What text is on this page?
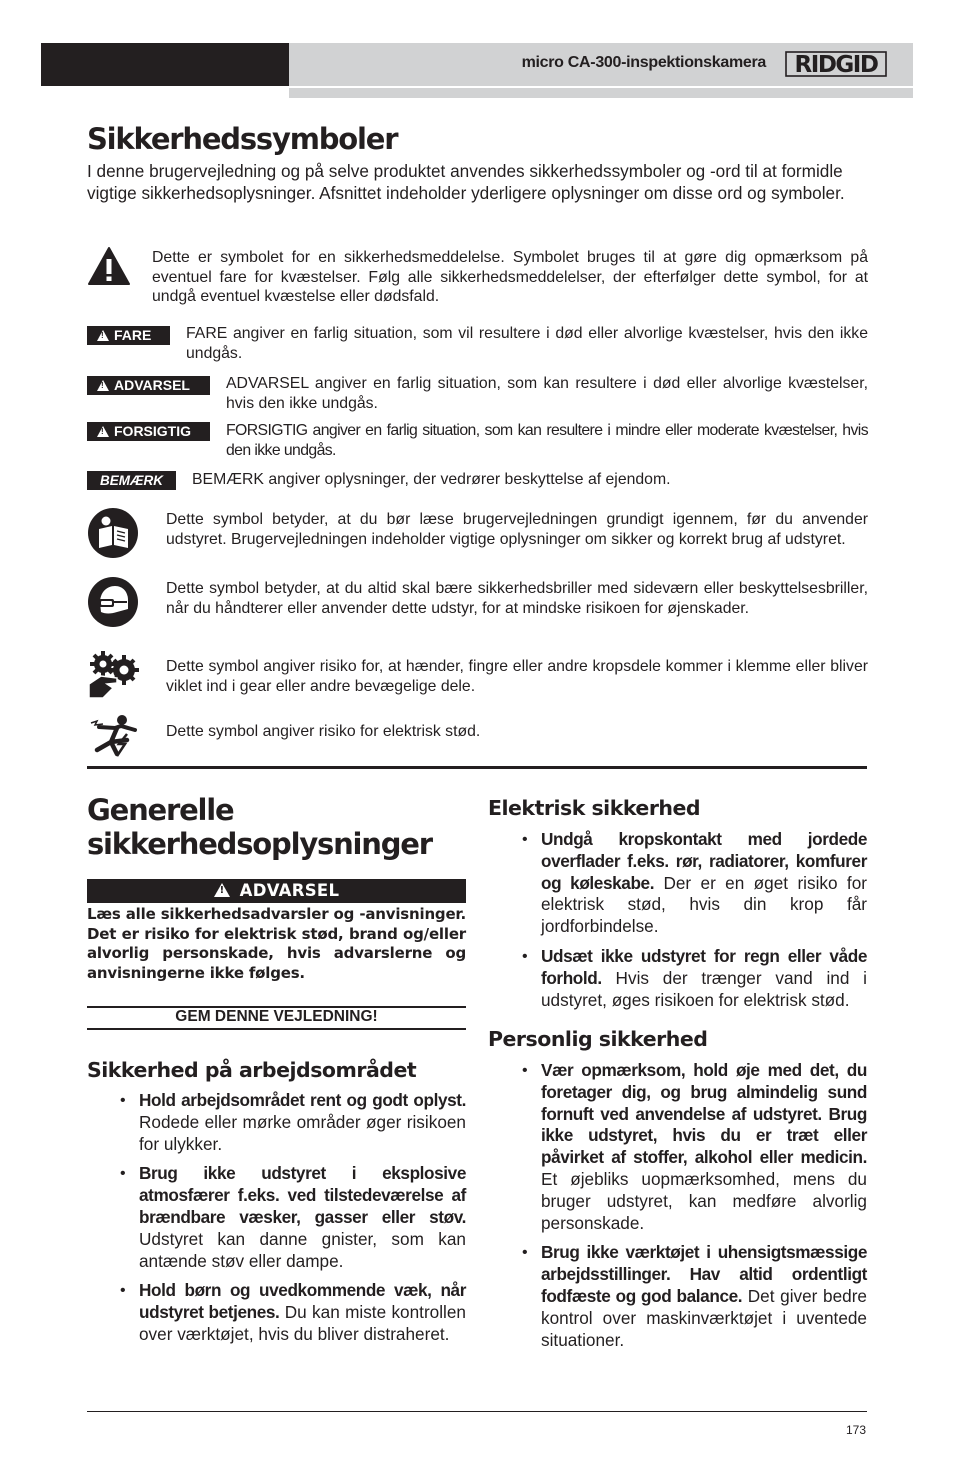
micro CA-300-inspektionskamera RIDGID
Sikkerhedssymboler

I denne brugervejledning og på selve produktet anvendes sikkerhedssymboler og -ord til at formidle vigtige sikkerhedsoplysninger. Afsnittet indeholder yderligere oplysninger om disse ord og symboler.

Dette er symbolet for en sikkerhedsmeddelelse. Symbolet bruges til at gøre dig opmærksom på eventuel fare for kvæstelser. Følg alle sikkerhedsmeddelelser, der efterfølger dette symbol, for at undgå eventuel kvæstelse eller dødsfald.

!FARE	FARE angiver en farlig situation, som vil resultere i død eller alvorlige kvæstelser, hvis den ikke undgås.

!ADVARSEL	ADVARSEL angiver en farlig situation, som kan resultere i død eller alvorlige kvæstelser, hvis den ikke undgås.

!FORSIGTIG	FORSIGTIG angiver en farlig situation, som kan resultere i mindre eller moderate kvæstelser, hvis den ikke undgås.

BEMÆRK	BEMÆRK angiver oplysninger, der vedrører beskyttelse af ejendom.

Dette symbol betyder, at du bør læse brugervejledningen grundigt igennem, før du anvender udstyret. Brugervejledningen indeholder vigtige oplysninger om sikker og korrekt brug af udstyret.

Dette symbol betyder, at du altid skal bære sikkerhedsbriller med sideværn eller beskyttelsesbriller, når du håndterer eller anvender dette udstyr, for at mindske risikoen for øjenskader.

Dette symbol angiver risiko for, at hænder, fingre eller andre kropsdele kommer i klemme eller bliver viklet ind i gear eller andre bevægelige dele.

Dette symbol angiver risiko for elektrisk stød.

Generelle
sikkerhedsoplysninger
!ADVARSEL

Læs alle sikkerhedsadvarsler og -anvisninger. Det er risiko for elektrisk stød, brand og/eller alvorlig personskade, hvis advarslerne og anvisningerne ikke følges.

GEM DENNE VEJLEDNING!
Sikkerhed på arbejdsområdet
• Hold arbejdsområdet rent og godt oplyst. Rodede eller mørke områder øger risikoen for ulykker.
• Brug ikke udstyret i eksplosive atmosfærer f.eks. ved tilstedeværelse af brændbare væsker, gasser eller støv. Udstyret kan danne gnister, som kan antænde støv eller dampe.
• Hold børn og uvedkommende væk, når udstyret betjenes. Du kan miste kontrollen over værktøjet, hvis du bliver distraheret.
Elektrisk sikkerhed
• Undgå kropskontakt med jordede overflader f.eks. rør, radiatorer, komfurer og køleskabe. Der er en øget risiko for elektrisk stød, hvis din krop får jordforbindelse.
• Udsæt ikke udstyret for regn eller våde forhold. Hvis der trænger vand ind i udstyret, øges risikoen for elektrisk stød.
Personlig sikkerhed
• Vær opmærksom, hold øje med det, du foretager dig, og brug almindelig sund fornuft ved anvendelse af udstyret. Brug ikke udstyret, hvis du er træt eller påvirket af stoffer, alkohol eller medicin. Et øjebliks uopmærksomhed, mens du bruger udstyret, kan medføre alvorlig personskade.
• Brug ikke værktøjet i uhensigtsmæssige arbejdsstillinger. Hav altid ordentligt fodfæste og god balance. Det giver bedre kontrol over maskinværktøjet i uventede situationer.
173
